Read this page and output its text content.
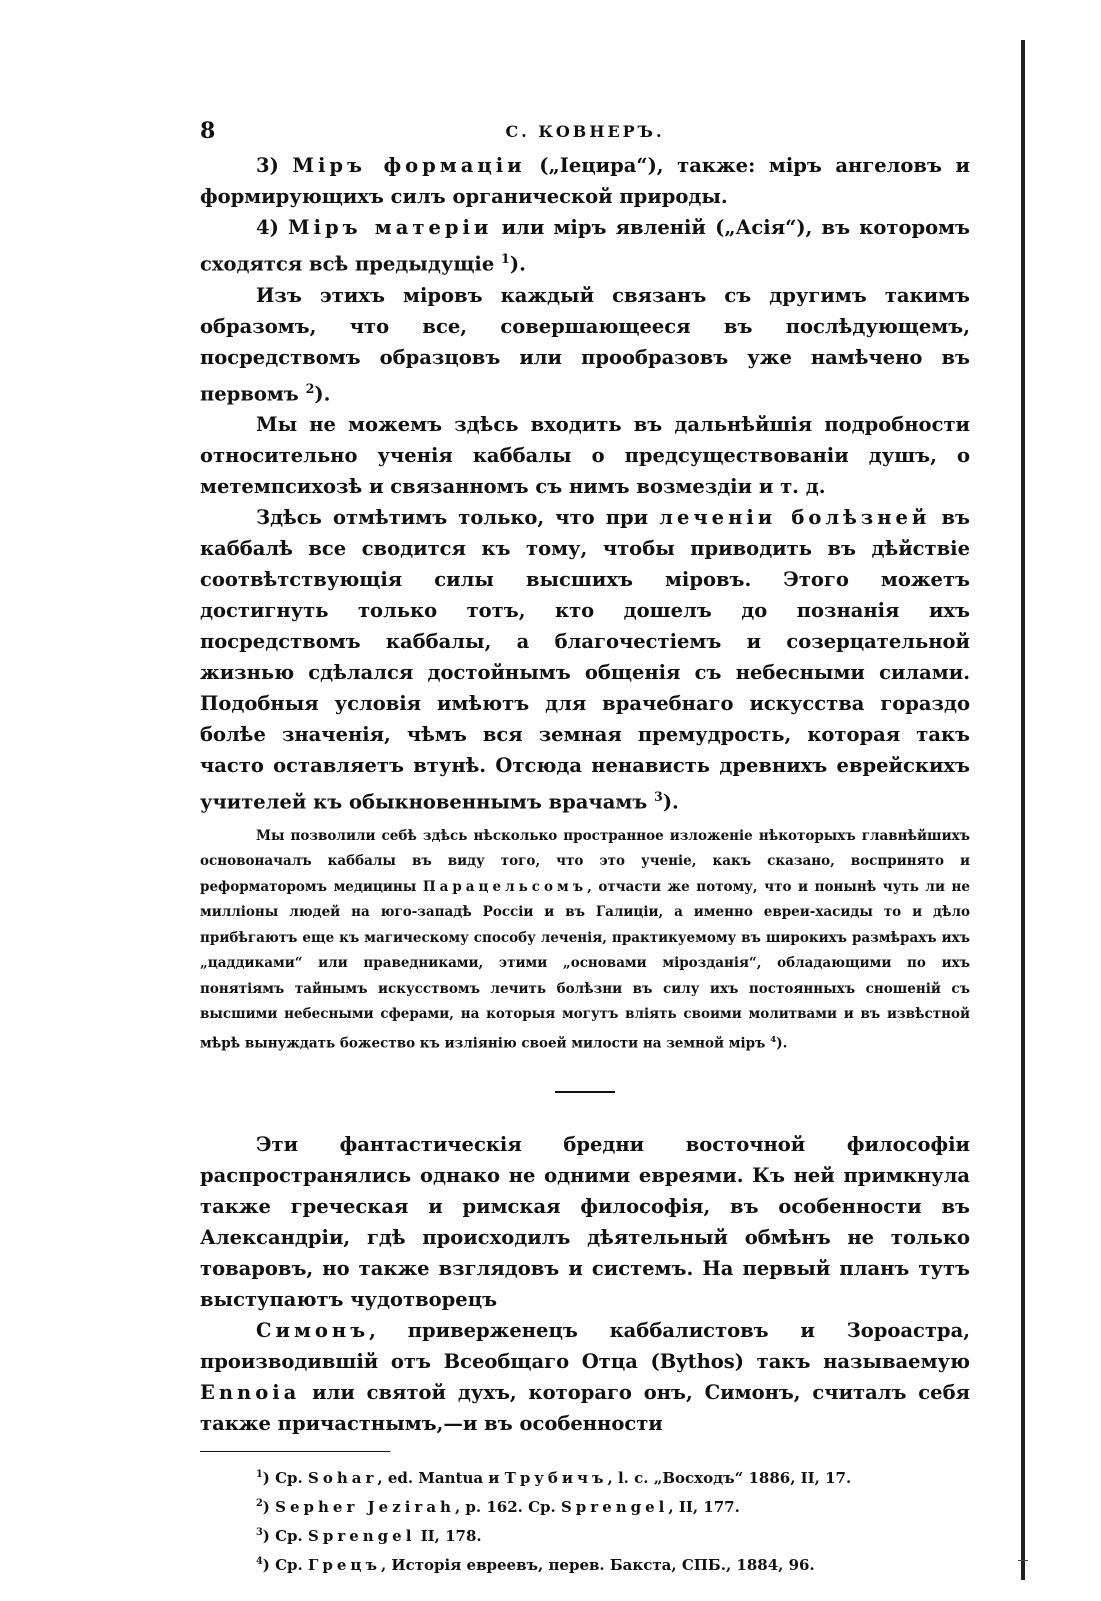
8	С. КОВНЕРЪ.

3) Міръ формаціи („Іецира“), также: міръ ангеловъ и формирующихъ силъ органической природы.

4) Міръ матеріи или міръ явленій („Асія“), въ которомъ сходятся всѣ предыдущіе $^1$).

Изъ этихъ міровъ каждый связанъ съ другимъ такимъ образомъ, что все, совершающееся въ послѣдующемъ, посредствомъ образцовъ или прообразовъ уже намѣчено въ первомъ $^2$).

Мы не можемъ здѣсь входить въ дальнѣйшія подробности относительно ученія каббалы о предсуществованіи душъ, о метемпсихозѣ и связанномъ съ нимъ возмездіи и т. д.

Здѣсь отмѣтимъ только, что при леченіи болѣзней въ каббалѣ все сводится къ тому, чтобы приводить въ дѣйствіе соотвѣтствующія силы высшихъ міровъ. Этого можетъ достигнуть только тотъ, кто дошелъ до познанія ихъ посредствомъ каббалы, а благочестіемъ и созерцательной жизнью сдѣлался достойнымъ общенія съ небесными силами. Подобныя условія имѣютъ для врачебнаго искусства гораздо болѣе значенія, чѣмъ вся земная премудрость, которая такъ часто оставляетъ втунѣ. Отсюда ненависть древнихъ еврейскихъ учителей къ обыкновеннымъ врачамъ $^3$).

Мы позволили себѣ здѣсь нѣсколько пространное изложеніе нѣкоторыхъ главнѣйшихъ основоначалъ каббалы въ виду того, что это ученіе, какъ сказано, воспринято и реформаторомъ медицины Парацельсомъ, отчасти же потому, что и понынѣ чуть ли не милліоны людей на юго-западѣ Россіи и въ Галиціи, а именно евреи-хасиды то и дѣло прибѣгаютъ еще къ магическому способу леченія, практикуемому въ широкихъ размѣрахъ ихъ „цаддиками“ или праведниками, этими „основами мірозданія“, обладающими по ихъ понятіямъ тайнымъ искусствомъ лечить болѣзни въ силу ихъ постоянныхъ сношеній съ высшими небесными сферами, на которыя могутъ вліять своими молитвами и въ извѣстной мѣрѣ вынуждать божество къ изліянію своей милости на земной міръ $^4$).

Эти фантастическія бредни восточной философіи распространялись однако не одними евреями. Къ ней примкнула также греческая и римская философія, въ особенности въ Александріи, гдѣ происходилъ дѣятельный обмѣнъ не только товаровъ, но также взглядовъ и системъ. На первый планъ тутъ выступаютъ чудотворецъ

Симонъ, приверженецъ каббалистовъ и Зороастра, производившій отъ Всеобщаго Отца (Bythos) такъ называемую Ennoia или святой духъ, котораго онъ, Симонъ, считалъ себя также причастнымъ,—и въ особенности

$^1$) Ср. Sohar, ed. Mantua и Трубичъ, l. c. „Восходъ“ 1886, II, 17.

$^2$) Sepher Jezirah, p. 162. Ср. Sprengel, II, 177.

$^3$) Ср. Sprengel II, 178.

$^4$) Ср. Грецъ, Исторія евреевъ, перев. Бакста, СПБ., 1884, 96.
